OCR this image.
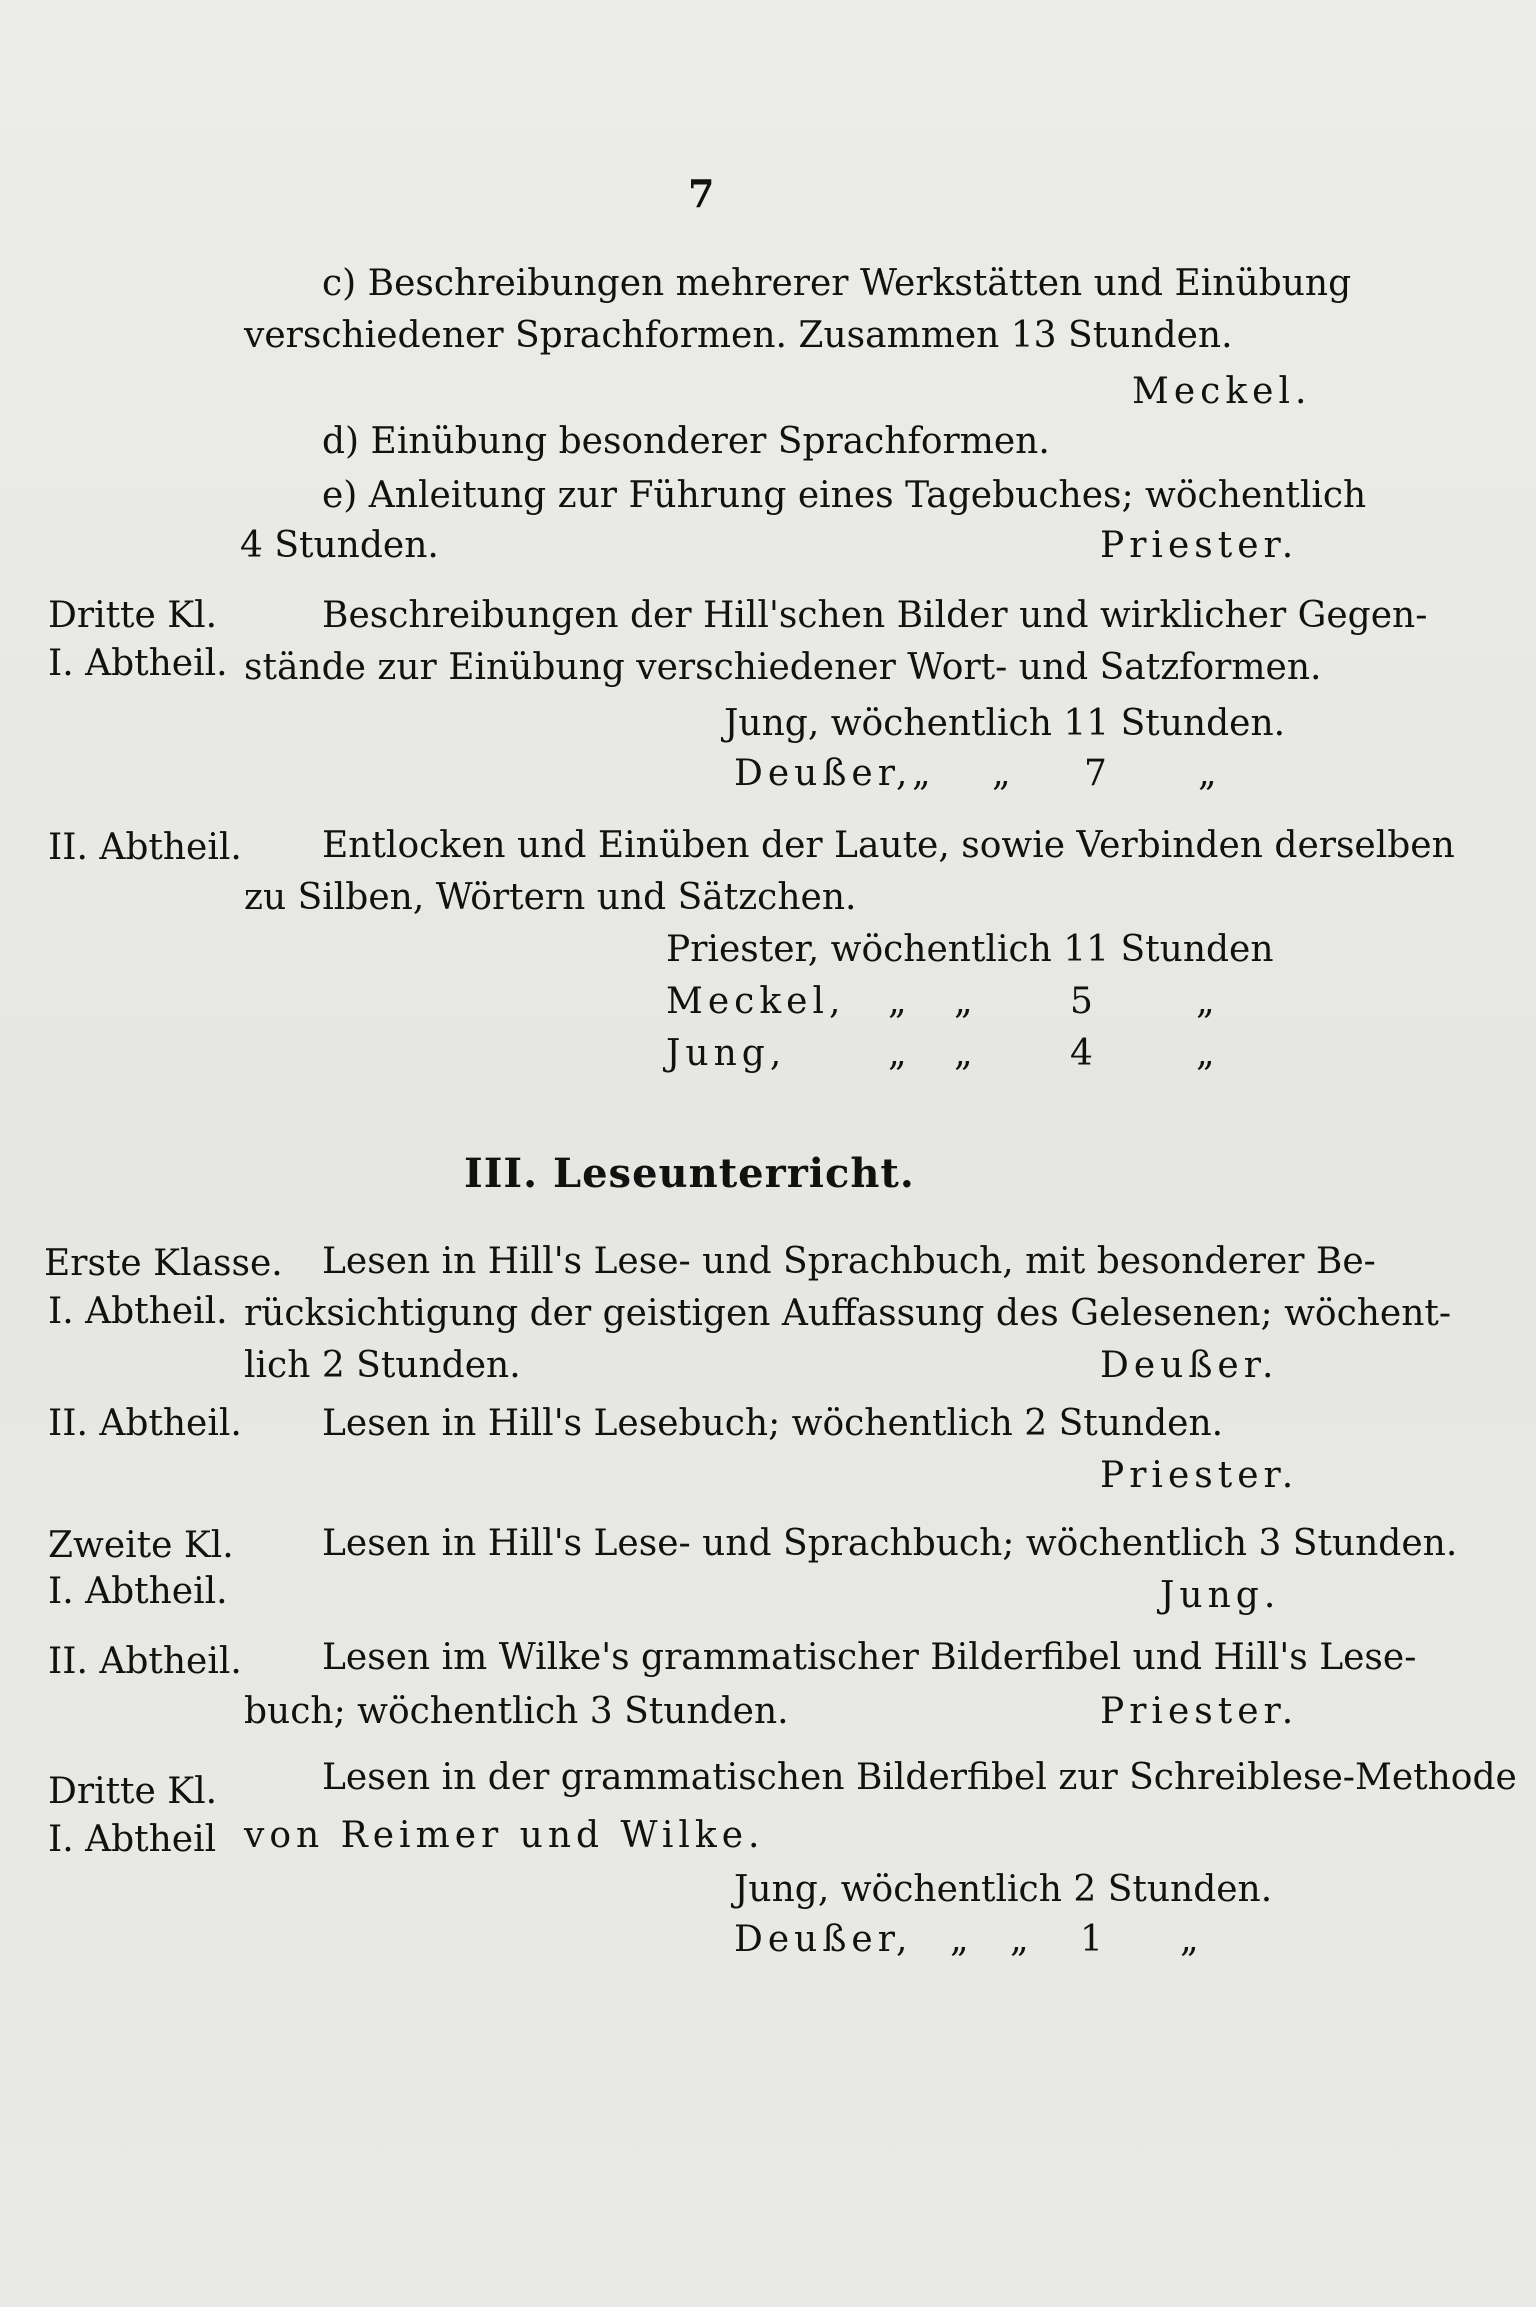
7
c) Beschreibungen mehrerer Werkstätten und Einübung
verschiedener Sprachformen. Zusammen 13 Stunden.
Meckel.
d) Einübung besonderer Sprachformen.
e) Anleitung zur Führung eines Tagebuches; wöchentlich
4 Stunden.	Priester.
Dritte Kl.
I. Abtheil.
Beschreibungen der Hill'schen Bilder und wirklicher Gegen-
stände zur Einübung verschiedener Wort- und Satzformen.
Jung, wöchentlich 11 Stunden.
Deußer, „ „ 7	„
II. Abtheil. Entlocken und Einüben der Laute, sowie Verbinden derselben
zu Silben, Wörtern und Sätzchen.
Priester, wöchentlich 11 Stunden
Meckel, „ „	5	„
Jung,	„ „	4	„
III. Leseunterricht.
Erste Klasse.
I. Abtheil.
Lesen in Hill's Lese- und Sprachbuch, mit besonderer Be-
rücksichtigung der geistigen Auffassung des Gelesenen; wöchent-
lich 2 Stunden.	Deußer.
II. Abtheil. Lesen in Hill's Lesebuch; wöchentlich 2 Stunden.
Priester.
Zweite Kl.
I. Abtheil.
Lesen in Hill's Lese- und Sprachbuch; wöchentlich 3 Stunden.
Jung.
II. Abtheil. Lesen im Wilke's grammatischer Bilderfibel und Hill's Lese-
buch; wöchentlich 3 Stunden.	Priester.
Dritte Kl.
I. Abtheil
Lesen in der grammatischen Bilderfibel zur Schreiblese-Methode
von Reimer und Wilke.
Jung, wöchentlich 2 Stunden.
Deußer, „ „ 1 „
